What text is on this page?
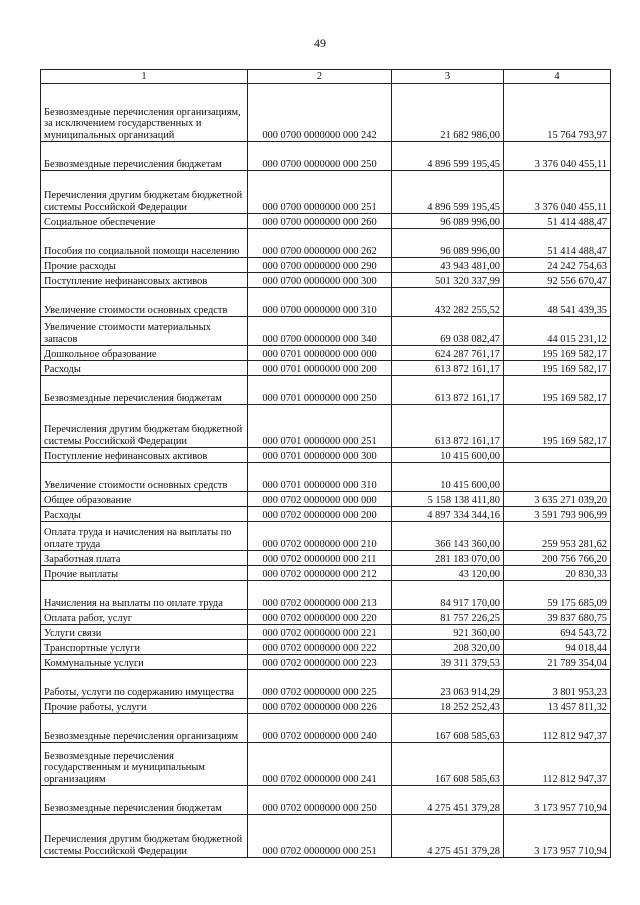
49
1	2	3	4
Безвозмездные перечисления организациям, за исключением государственных и муниципальных организаций	000 0700 0000000 000 242	21 682 986,00	15 764 793,97
Безвозмездные перечисления бюджетам	000 0700 0000000 000 250	4 896 599 195,45	3 376 040 455,11
Перечисления другим бюджетам бюджетной системы Российской Федерации	000 0700 0000000 000 251	4 896 599 195,45	3 376 040 455,11
Социальное обеспечение	000 0700 0000000 000 260	96 089 996,00	51 414 488,47
Пособия по социальной помощи населению	000 0700 0000000 000 262	96 089 996,00	51 414 488,47
Прочие расходы	000 0700 0000000 000 290	43 943 481,00	24 242 754,63
Поступление нефинансовых активов	000 0700 0000000 000 300	501 320 337,99	92 556 670,47
Увеличение стоимости основных средств	000 0700 0000000 000 310	432 282 255,52	48 541 439,35
Увеличение стоимости материальных запасов	000 0700 0000000 000 340	69 038 082,47	44 015 231,12
Дошкольное образование	000 0701 0000000 000 000	624 287 761,17	195 169 582,17
Расходы	000 0701 0000000 000 200	613 872 161,17	195 169 582,17
Безвозмездные перечисления бюджетам	000 0701 0000000 000 250	613 872 161,17	195 169 582,17
Перечисления другим бюджетам бюджетной системы Российской Федерации	000 0701 0000000 000 251	613 872 161,17	195 169 582,17
Поступление нефинансовых активов	000 0701 0000000 000 300	10 415 600,00	
Увеличение стоимости основных средств	000 0701 0000000 000 310	10 415 600,00	
Общее образование	000 0702 0000000 000 000	5 158 138 411,80	3 635 271 039,20
Расходы	000 0702 0000000 000 200	4 897 334 344,16	3 591 793 906,99
Оплата труда и начисления на выплаты по оплате труда	000 0702 0000000 000 210	366 143 360,00	259 953 281,62
Заработная плата	000 0702 0000000 000 211	281 183 070,00	200 756 766,20
Прочие выплаты	000 0702 0000000 000 212	43 120,00	20 830,33
Начисления на выплаты по оплате труда	000 0702 0000000 000 213	84 917 170,00	59 175 685,09
Оплата работ, услуг	000 0702 0000000 000 220	81 757 226,25	39 837 680,75
Услуги связи	000 0702 0000000 000 221	921 360,00	694 543,72
Транспортные услуги	000 0702 0000000 000 222	208 320,00	94 018,44
Коммунальные услуги	000 0702 0000000 000 223	39 311 379,53	21 789 354,04
Работы, услуги по содержанию имущества	000 0702 0000000 000 225	23 063 914,29	3 801 953,23
Прочие работы, услуги	000 0702 0000000 000 226	18 252 252,43	13 457 811,32
Безвозмездные перечисления организациям	000 0702 0000000 000 240	167 608 585,63	112 812 947,37
Безвозмездные перечисления государственным и муниципальным организациям	000 0702 0000000 000 241	167 608 585,63	112 812 947,37
Безвозмездные перечисления бюджетам	000 0702 0000000 000 250	4 275 451 379,28	3 173 957 710,94
Перечисления другим бюджетам бюджетной системы Российской Федерации	000 0702 0000000 000 251	4 275 451 379,28	3 173 957 710,94
